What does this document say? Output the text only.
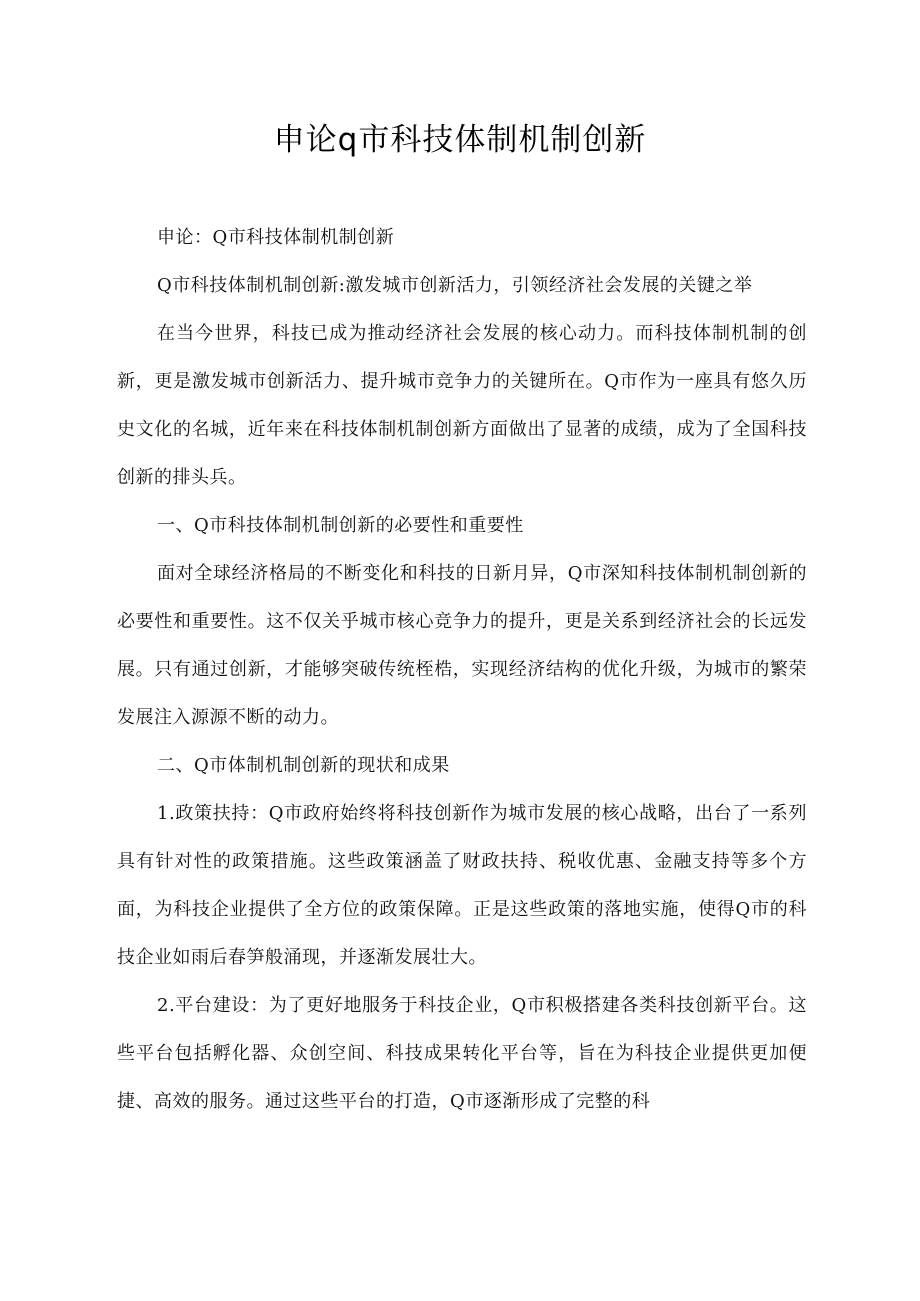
申论q市科技体制机制创新

申论：Q市科技体制机制创新

Q市科技体制机制创新:激发城市创新活力，引领经济社会发展的关键之举

在当今世界，科技已成为推动经济社会发展的核心动力。而科技体制机制的创新，更是激发城市创新活力、提升城市竞争力的关键所在。Q市作为一座具有悠久历史文化的名城，近年来在科技体制机制创新方面做出了显著的成绩，成为了全国科技创新的排头兵。

一、Q市科技体制机制创新的必要性和重要性

面对全球经济格局的不断变化和科技的日新月异，Q市深知科技体制机制创新的必要性和重要性。这不仅关乎城市核心竞争力的提升，更是关系到经济社会的长远发展。只有通过创新，才能够突破传统桎梏，实现经济结构的优化升级，为城市的繁荣发展注入源源不断的动力。

二、Q市体制机制创新的现状和成果

1.政策扶持：Q市政府始终将科技创新作为城市发展的核心战略，出台了一系列具有针对性的政策措施。这些政策涵盖了财政扶持、税收优惠、金融支持等多个方面，为科技企业提供了全方位的政策保障。正是这些政策的落地实施，使得Q市的科技企业如雨后春笋般涌现，并逐渐发展壮大。

2.平台建设：为了更好地服务于科技企业，Q市积极搭建各类科技创新平台。这些平台包括孵化器、众创空间、科技成果转化平台等，旨在为科技企业提供更加便捷、高效的服务。通过这些平台的打造，Q市逐渐形成了完整的科
